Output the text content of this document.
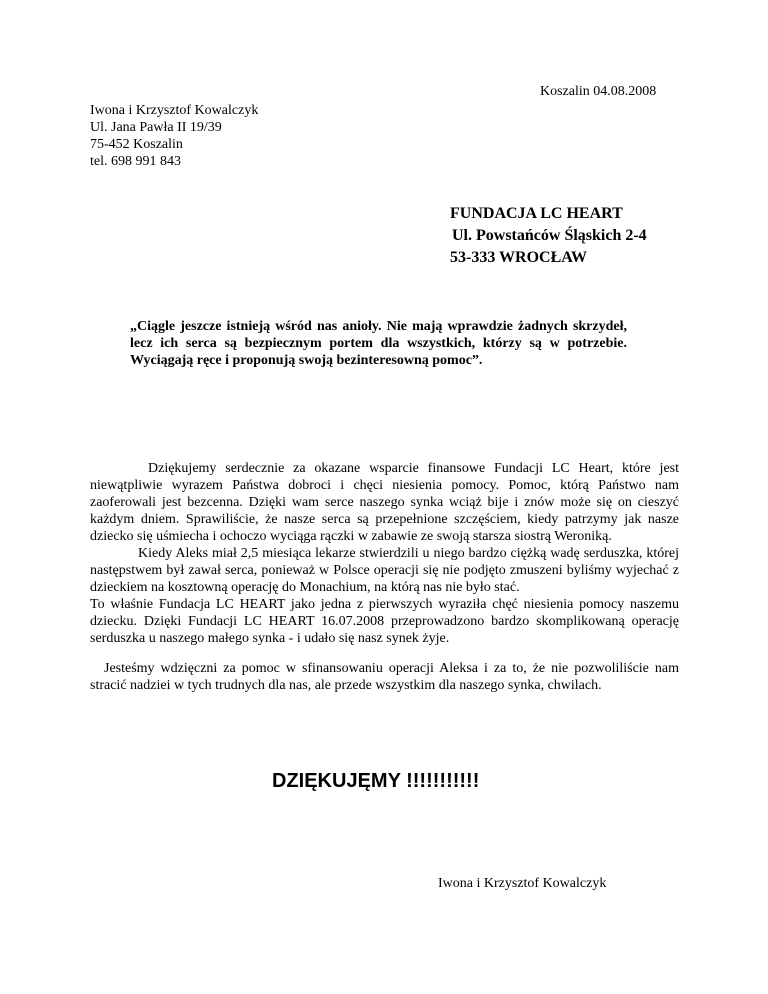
Koszalin 04.08.2008
Iwona i Krzysztof Kowalczyk
Ul. Jana Pawła II 19/39
75-452 Koszalin
tel. 698 991 843
FUNDACJA LC HEART
Ul. Powstańców Śląskich 2-4
53-333 WROCŁAW
„Ciągle jeszcze istnieją wśród nas anioły. Nie mają wprawdzie żadnych skrzydeł, lecz ich serca są bezpiecznym portem dla wszystkich, którzy są w potrzebie. Wyciągają ręce i proponują swoją bezinteresowną pomoc”.

Dziękujemy serdecznie za okazane wsparcie finansowe Fundacji LC Heart, które jest niewątpliwie wyrazem Państwa dobroci i chęci niesienia pomocy. Pomoc, którą Państwo nam zaoferowali jest bezcenna. Dzięki wam serce naszego synka wciąż bije i znów może się on cieszyć każdym dniem. Sprawiliście, że nasze serca są przepełnione szczęściem, kiedy patrzymy jak nasze dziecko się uśmiecha i ochoczo wyciąga rączki w zabawie ze swoją starsza siostrą Weroniką.

Kiedy Aleks miał 2,5 miesiąca lekarze stwierdzili u niego bardzo ciężką wadę serduszka, której następstwem był zawał serca, ponieważ w Polsce operacji się nie podjęto zmuszeni byliśmy wyjechać z dzieckiem na kosztowną operację do Monachium, na którą nas nie było stać.

To właśnie Fundacja LC HEART jako jedna z pierwszych wyraziła chęć niesienia pomocy naszemu dziecku. Dzięki Fundacji LC HEART 16.07.2008 przeprowadzono bardzo skomplikowaną operację serduszka u naszego małego synka - i udało się nasz synek żyje.

Jesteśmy wdzięczni za pomoc w sfinansowaniu operacji Aleksa i za to, że nie pozwoliliście nam stracić nadziei w tych trudnych dla nas, ale przede wszystkim dla naszego synka, chwilach.

DZIĘKUJĘMY !!!!!!!!!!!
Iwona i Krzysztof Kowalczyk
